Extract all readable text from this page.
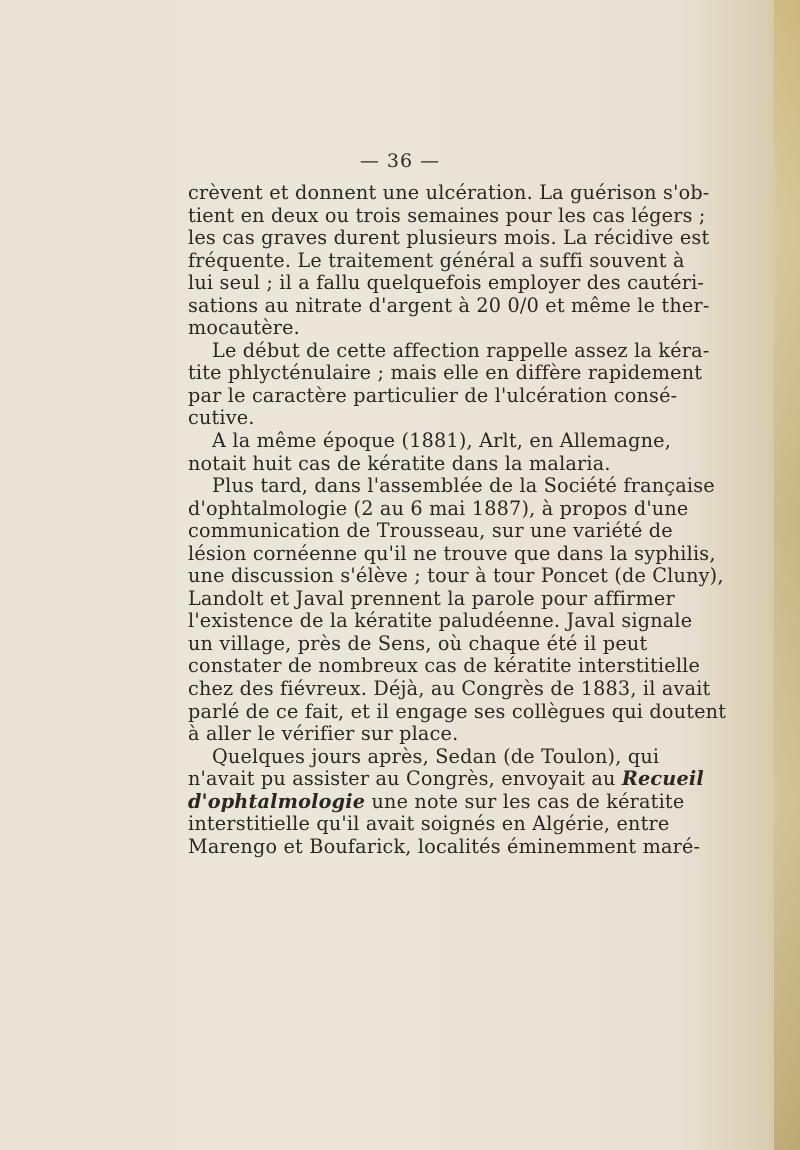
— 36 —
crèvent et donnent une ulcération. La guérison s'ob-
tient en deux ou trois semaines pour les cas légers ;
les cas graves durent plusieurs mois. La récidive est
fréquente. Le traitement général a suffi souvent à
lui seul ; il a fallu quelquefois employer des cautéri-
sations au nitrate d'argent à 20 0/0 et même le ther-
mocautère.
Le début de cette affection rappelle assez la kéra-
tite phlycténulaire ; mais elle en diffère rapidement
par le caractère particulier de l'ulcération consé-
cutive.
A la même époque (1881), Arlt, en Allemagne,
notait huit cas de kératite dans la malaria.
Plus tard, dans l'assemblée de la Société française
d'ophtalmologie (2 au 6 mai 1887), à propos d'une
communication de Trousseau, sur une variété de
lésion cornéenne qu'il ne trouve que dans la syphilis,
une discussion s'élève ; tour à tour Poncet (de Cluny),
Landolt et Javal prennent la parole pour affirmer
l'existence de la kératite paludéenne. Javal signale
un village, près de Sens, où chaque été il peut
constater de nombreux cas de kératite interstitielle
chez des fiévreux. Déjà, au Congrès de 1883, il avait
parlé de ce fait, et il engage ses collègues qui doutent
à aller le vérifier sur place.
Quelques jours après, Sedan (de Toulon), qui
n'avait pu assister au Congrès, envoyait au Recueil
d'ophtalmologie une note sur les cas de kératite
interstitielle qu'il avait soignés en Algérie, entre
Marengo et Boufarick, localités éminemment maré-
